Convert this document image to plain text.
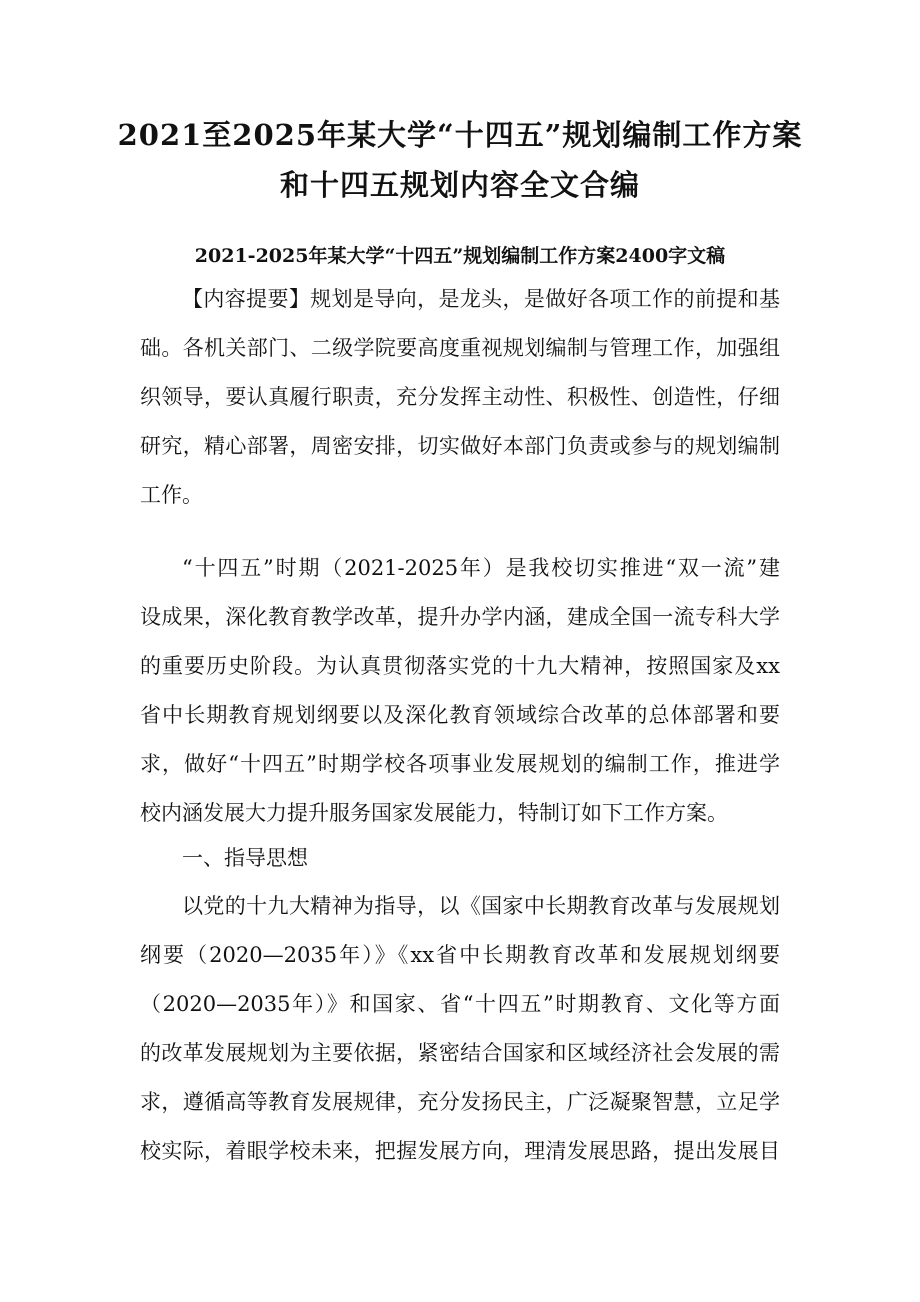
2021至2025年某大学“十四五”规划编制工作方案
和十四五规划内容全文合编
2021-2025年某大学“十四五”规划编制工作方案2400字文稿

【内容提要】规划是导向，是龙头，是做好各项工作的前提和基

础。各机关部门、二级学院要高度重视规划编制与管理工作，加强组

织领导，要认真履行职责，充分发挥主动性、积极性、创造性，仔细

研究，精心部署，周密安排，切实做好本部门负责或参与的规划编制

工作。

“十四五”时期（2021-2025年）是我校切实推进“双一流”建

设成果，深化教育教学改革，提升办学内涵，建成全国一流专科大学

的重要历史阶段。为认真贯彻落实党的十九大精神，按照国家及xx

省中长期教育规划纲要以及深化教育领域综合改革的总体部署和要

求，做好“十四五”时期学校各项事业发展规划的编制工作，推进学

校内涵发展大力提升服务国家发展能力，特制订如下工作方案。

一、指导思想

以党的十九大精神为指导，以《国家中长期教育改革与发展规划

纲要（2020—2035年）》《xx省中长期教育改革和发展规划纲要

（2020—2035年）》和国家、省“十四五”时期教育、文化等方面

的改革发展规划为主要依据，紧密结合国家和区域经济社会发展的需

求，遵循高等教育发展规律，充分发扬民主，广泛凝聚智慧，立足学

校实际，着眼学校未来，把握发展方向，理清发展思路，提出发展目
